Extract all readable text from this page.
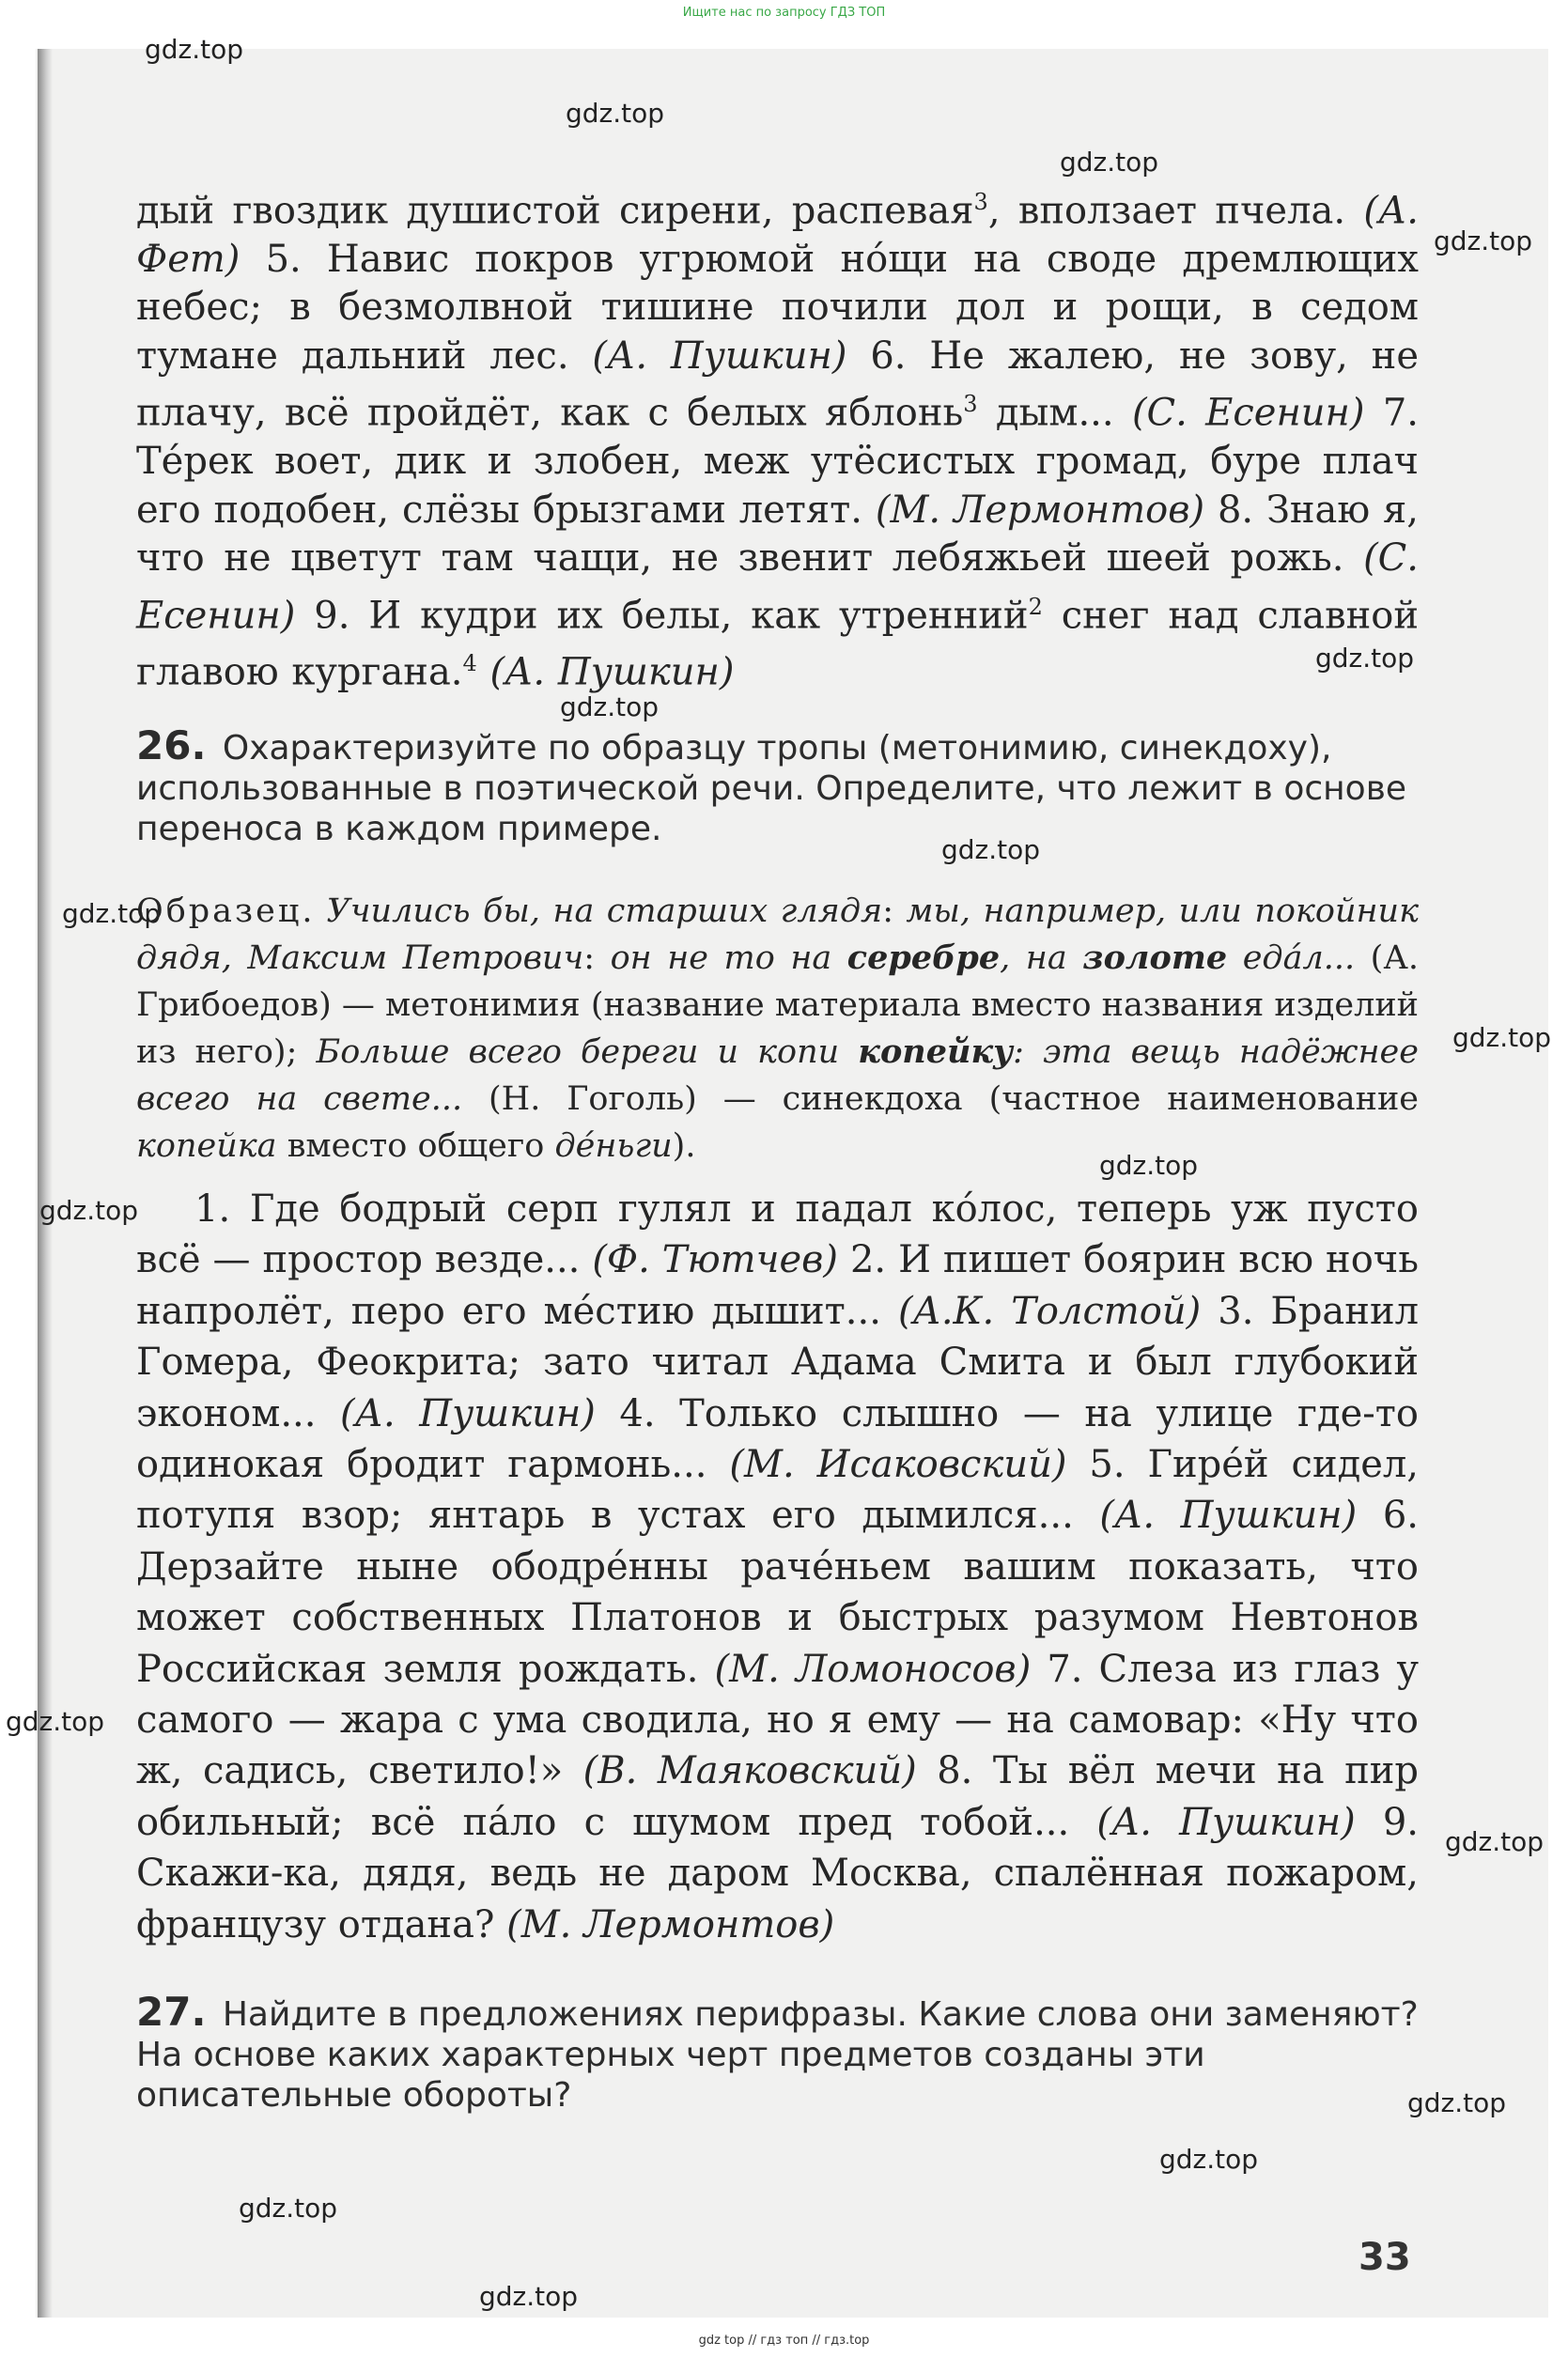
Ищите нас по запросу ГДЗ ТОП
gdz.top
gdz.top
gdz.top
gdz.top
gdz.top
gdz.top
gdz.top
gdz.top
gdz.top
gdz.top
gdz.top
gdz.top
gdz.top
gdz.top
gdz.top
gdz.top
gdz.top
дый гвоздик душистой сирени, распевая$^3$, вползает пчела. (А. Фет) 5. Навис покров угрюмой нóщи на своде дремлющих небес; в безмолвной тишине почили дол и рощи, в седом тумане дальний лес. (А. Пушкин) 6. Не жалею, не зову, не плачу, всё пройдёт, как с белых яблонь$^3$ дым... (С. Есенин) 7. Тéрек воет, дик и злобен, меж утёсистых громад, буре плач его подобен, слёзы брызгами летят. (М. Лермонтов) 8. Знаю я, что не цветут там чащи, не звенит лебяжьей шеей рожь. (С. Есенин) 9. И кудри их белы, как утренний$^2$ снег над славной главою кургана.$^4$ (А. Пушкин)
26. Охарактеризуйте по образцу тропы (метонимию, синекдоху), использованные в поэтической речи. Определите, что лежит в основе переноса в каждом примере.
Образец. Учились бы, на старших глядя: мы, например, или покойник дядя, Максим Петрович: он не то на серебре, на золоте едáл... (А. Грибоедов) — метонимия (название материала вместо названия изделий из него); Больше всего береги и копи копейку: эта вещь надёжнее всего на свете... (Н. Гоголь) — синекдоха (частное наименование копейка вместо общего дéньги).
1. Где бодрый серп гулял и падал кóлос, теперь уж пусто всё — простор везде... (Ф. Тютчев) 2. И пишет боярин всю ночь напролёт, перо его мéстию дышит... (А.К. Толстой) 3. Бранил Гомера, Феокрита; зато читал Адама Смита и был глубокий эконом... (А. Пушкин) 4. Только слышно — на улице где-то одинокая бродит гармонь... (М. Исаковский) 5. Гирéй сидел, потупя взор; янтарь в устах его дымился... (А. Пушкин) 6. Дерзайте ныне ободрéнны рачéньем вашим показать, что может собственных Платонов и быстрых разумом Невтонов Российская земля рождать. (М. Ломоносов) 7. Слеза из глаз у самого — жара с ума сводила, но я ему — на самовар: «Ну что ж, садись, светило!» (В. Маяковский) 8. Ты вёл мечи на пир обильный; всё пáло с шумом пред тобой... (А. Пушкин) 9. Скажи-ка, дядя, ведь не даром Москва, спалённая пожаром, французу отдана? (М. Лермонтов)
27. Найдите в предложениях перифразы. Какие слова они заменяют? На основе каких характерных черт предметов созданы эти описательные обороты?
33
gdz top // гдз топ // гдз.top
